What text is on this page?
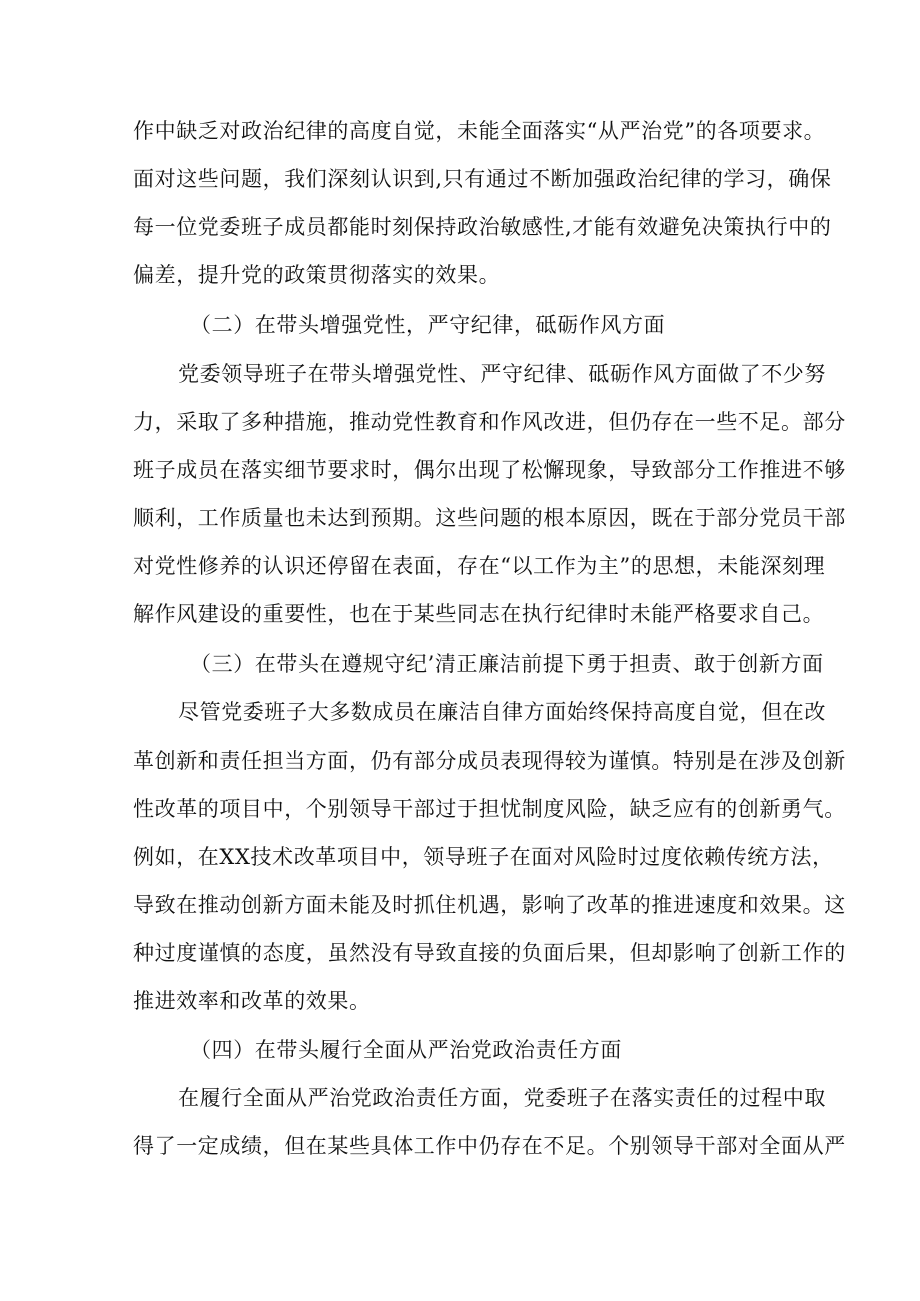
作中缺乏对政治纪律的高度自觉，未能全面落实“从严治党”的各项要求。
面对这些问题，我们深刻认识到,只有通过不断加强政治纪律的学习，确保
每一位党委班子成员都能时刻保持政治敏感性,才能有效避免决策执行中的
偏差，提升党的政策贯彻落实的效果。
（二）在带头增强党性，严守纪律，砥砺作风方面
党委领导班子在带头增强党性、严守纪律、砥砺作风方面做了不少努
力，采取了多种措施，推动党性教育和作风改进，但仍存在一些不足。部分
班子成员在落实细节要求时，偶尔出现了松懈现象，导致部分工作推进不够
顺利，工作质量也未达到预期。这些问题的根本原因，既在于部分党员干部
对党性修养的认识还停留在表面，存在“以工作为主”的思想，未能深刻理
解作风建设的重要性，也在于某些同志在执行纪律时未能严格要求自己。
（三）在带头在遵规守纪’清正廉洁前提下勇于担责、敢于创新方面
尽管党委班子大多数成员在廉洁自律方面始终保持高度自觉，但在改
革创新和责任担当方面，仍有部分成员表现得较为谨慎。特别是在涉及创新
性改革的项目中，个别领导干部过于担忧制度风险，缺乏应有的创新勇气。
例如，在XX技术改革项目中，领导班子在面对风险时过度依赖传统方法，
导致在推动创新方面未能及时抓住机遇，影响了改革的推进速度和效果。这
种过度谨慎的态度，虽然没有导致直接的负面后果，但却影响了创新工作的
推进效率和改革的效果。
（四）在带头履行全面从严治党政治责任方面
在履行全面从严治党政治责任方面，党委班子在落实责任的过程中取
得了一定成绩，但在某些具体工作中仍存在不足。个别领导干部对全面从严
